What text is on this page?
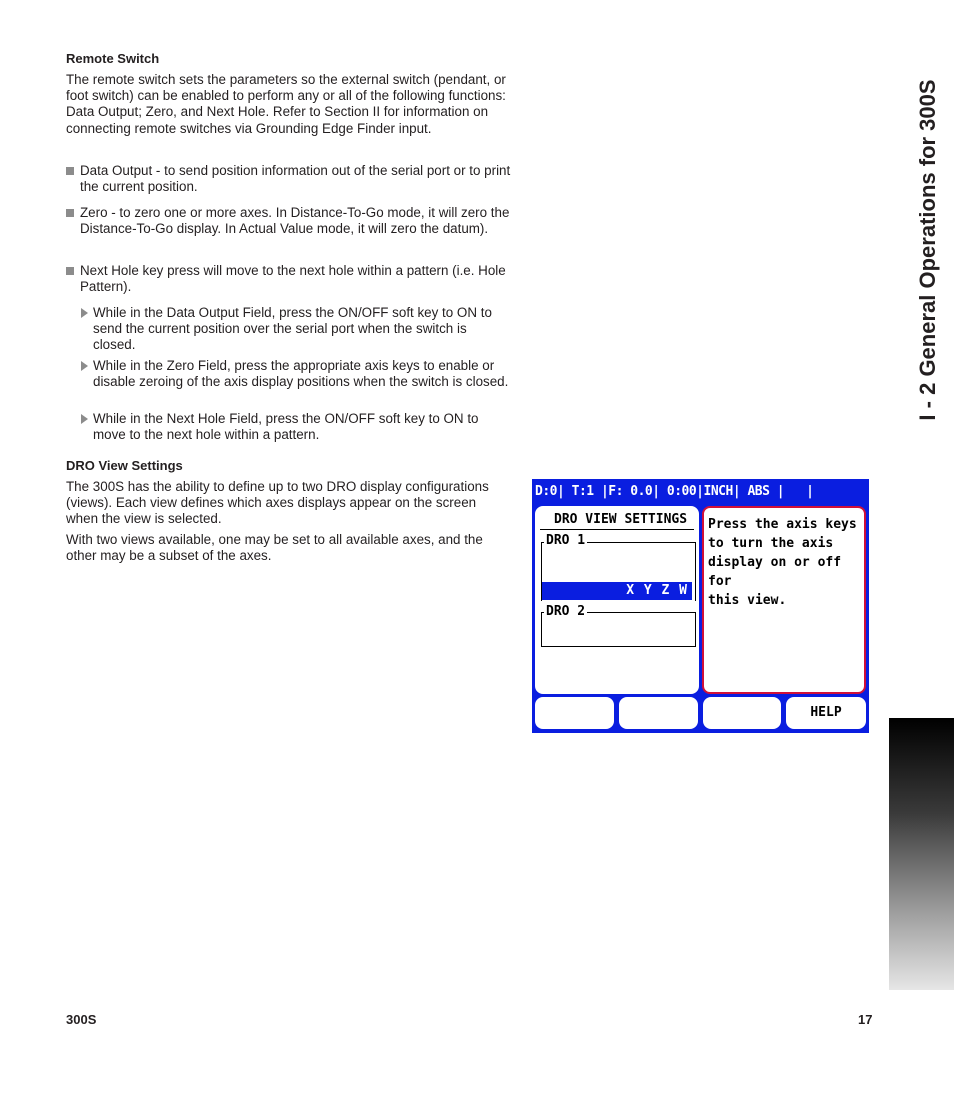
Remote Switch
The remote switch sets the parameters so the external switch (pendant, or foot switch) can be enabled to perform any or all of the following functions: Data Output; Zero, and Next Hole. Refer to Section II for information on connecting remote switches via Grounding Edge Finder input.
Data Output - to send position information out of the serial port or to print the current position.
Zero - to zero one or more axes. In Distance-To-Go mode, it will zero the Distance-To-Go display. In Actual Value mode, it will zero the datum).
Next Hole key press will move to the next hole within a pattern (i.e. Hole Pattern).
While in the Data Output Field, press the ON/OFF soft key to ON to send the current position over the serial port when the switch is closed.
While in the Zero Field, press the appropriate axis keys to enable or disable zeroing of the axis display positions when the switch is closed.
While in the Next Hole Field, press the ON/OFF soft key to ON to move to the next hole within a pattern.
DRO View Settings
The 300S has the ability to define up to two DRO display configurations (views). Each view defines which axes displays appear on the screen when the view is selected.
With two views available, one may be set to all available axes, and the other may be a subset of the axes.
D:0| T:1 |F: 0.0| 0:00|INCH| ABS |   |
DRO VIEW SETTINGS
DRO 1
X Y Z W
DRO 2
Press the axis keys
to turn the axis
display on or off for
this view.
HELP
I - 2 General Operations for 300S
300S	17
